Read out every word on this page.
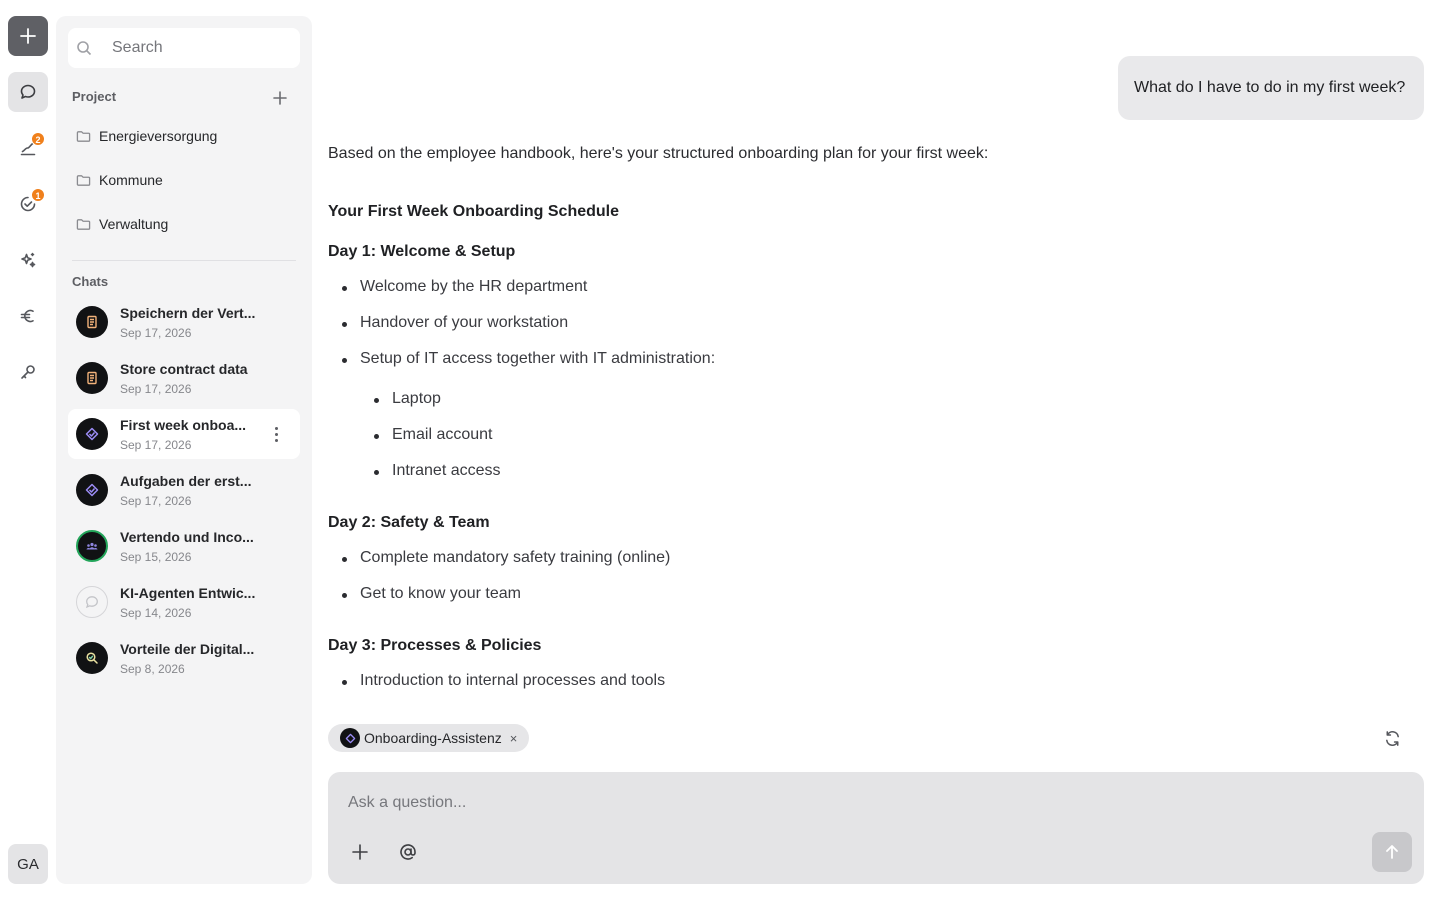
2
1
GA
Search
Project
Energieversorgung
Kommune
Verwaltung
Chats
Speichern der Vert...
Sep 17, 2026
Store contract data
Sep 17, 2026
First week onboa...
Sep 17, 2026
Aufgaben der erst...
Sep 17, 2026
Vertendo und Inco...
Sep 15, 2026
KI-Agenten Entwic...
Sep 14, 2026
Vorteile der Digital...
Sep 8, 2026
What do I have to do in my first week?
Based on the employee handbook, here's your structured onboarding plan for your first week:
Your First Week Onboarding Schedule
Day 1: Welcome & Setup
Welcome by the HR department
Handover of your workstation
Setup of IT access together with IT administration:
Laptop
Email account
Intranet access
Day 2: Safety & Team
Complete mandatory safety training (online)
Get to know your team
Day 3: Processes & Policies
Introduction to internal processes and tools
Onboarding-Assistenz ×
Ask a question...
